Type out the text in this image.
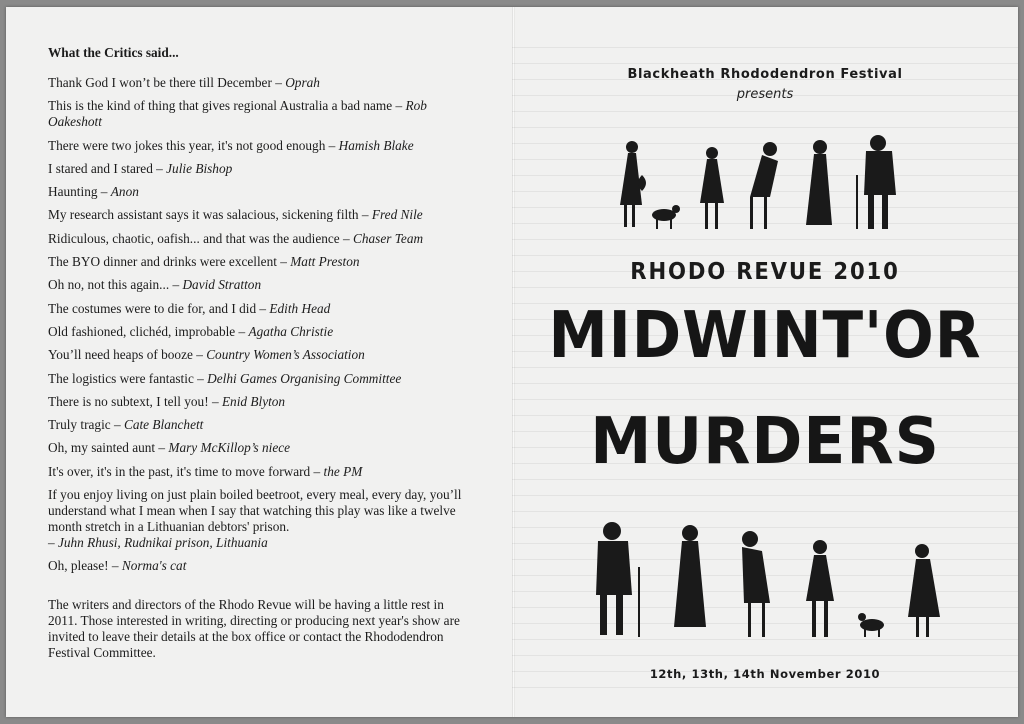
What the Critics said...
Thank God I won’t be there till December – Oprah
This is the kind of thing that gives regional Australia a bad name – Rob Oakeshott
There were two jokes this year, it's not good enough – Hamish Blake
I stared and I stared – Julie Bishop
Haunting – Anon
My research assistant says it was salacious, sickening filth – Fred Nile
Ridiculous, chaotic, oafish... and that was the audience – Chaser Team
The BYO dinner and drinks were excellent – Matt Preston
Oh no, not this again... – David Stratton
The costumes were to die for, and I did – Edith Head
Old fashioned, clichéd, improbable – Agatha Christie
You’ll need heaps of booze – Country Women’s Association
The logistics were fantastic – Delhi Games Organising Committee
There is no subtext, I tell you! – Enid Blyton
Truly tragic – Cate Blanchett
Oh, my sainted aunt – Mary McKillop’s niece
It's over, it's in the past, it's time to move forward – the PM
If you enjoy living on just plain boiled beetroot, every meal, every day, you’ll understand what I mean when I say that watching this play was like a twelve month stretch in a Lithuanian debtors' prison.
– Juhn Rhusi, Rudnikai prison, Lithuania
Oh, please! – Norma's cat
The writers and directors of the Rhodo Revue will be having a little rest in 2011. Those interested in writing, directing or producing next year's show are invited to leave their details at the box office or contact the Rhododendron Festival Committee.
Blackheath Rhododendron Festival
presents
RHODO REVUE 2010
MIDWINT'OR
MURDERS
12th, 13th, 14th November 2010
